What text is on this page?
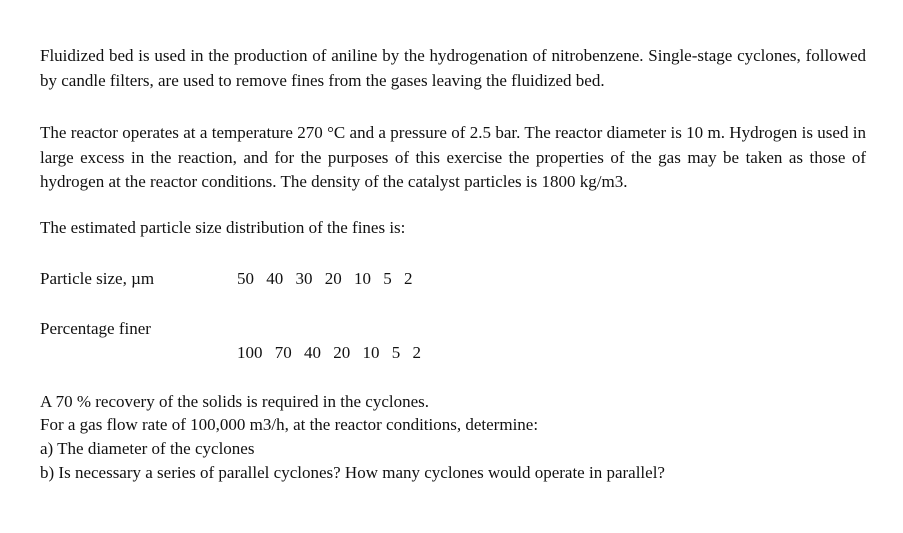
Fluidized bed is used in the production of aniline by the hydrogenation of nitrobenzene. Single-stage cyclones, followed by candle filters, are used to remove fines from the gases leaving the fluidized bed.

The reactor operates at a temperature 270 °C and a pressure of 2.5 bar. The reactor diameter is 10 m. Hydrogen is used in large excess in the reaction, and for the purposes of this exercise the properties of the gas may be taken as those of hydrogen at the reactor conditions. The density of the catalyst particles is 1800 kg/m3.

The estimated particle size distribution of the fines is:

Particle size, µm	50 40 30 20 10 5 2

Percentage finer

100 70 40 20 10 5 2

A 70 % recovery of the solids is required in the cyclones.

For a gas flow rate of 100,000 m3/h, at the reactor conditions, determine:

a) The diameter of the cyclones

b) Is necessary a series of parallel cyclones? How many cyclones would operate in parallel?
